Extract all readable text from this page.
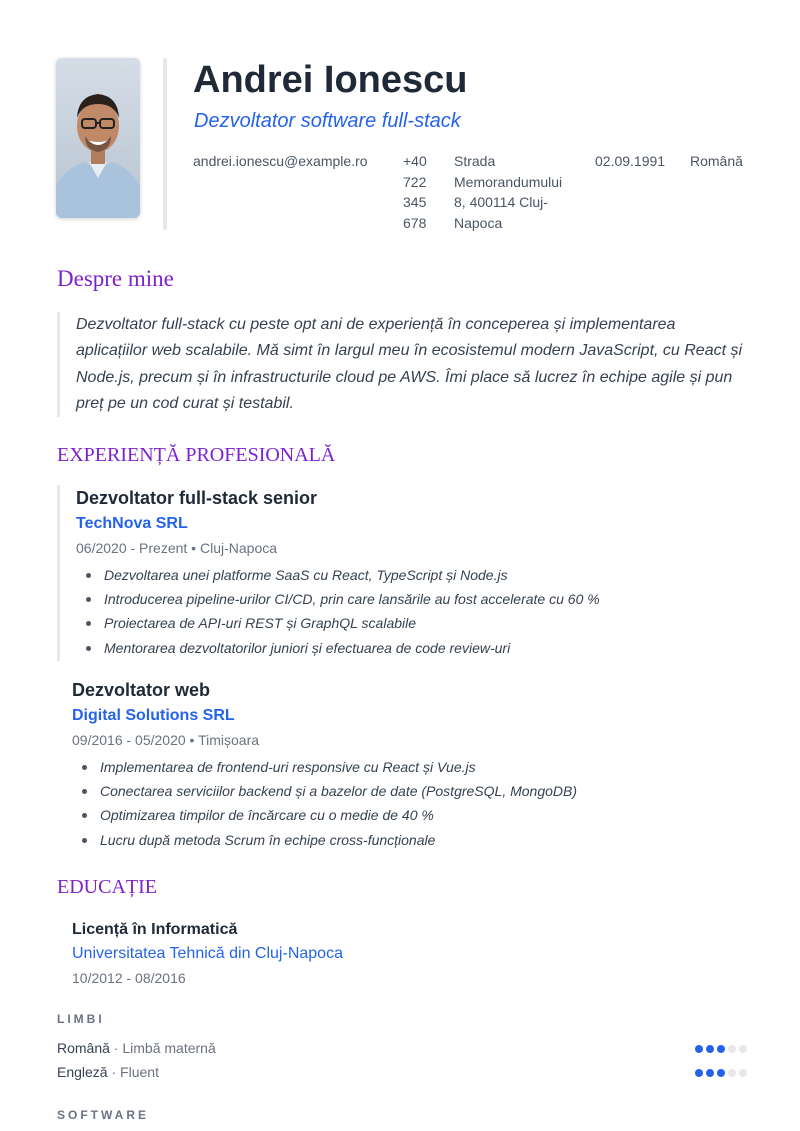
Andrei Ionescu
Dezvoltator software full-stack
andrei.ionescu@example.ro	+40 722 345 678
Strada Memorandumului 8, 400114 Cluj-Napoca
02.09.1991	Română
Despre mine
Dezvoltator full-stack cu peste opt ani de experiență în conceperea și implementarea aplicațiilor web scalabile. Mă simt în largul meu în ecosistemul modern JavaScript, cu React și Node.js, precum și în infrastructurile cloud pe AWS. Îmi place să lucrez în echipe agile și pun preț pe un cod curat și testabil.
EXPERIENȚĂ PROFESIONALĂ
Dezvoltator full-stack senior
TechNova SRL
06/2020 - Prezent • Cluj-Napoca
Dezvoltarea unei platforme SaaS cu React, TypeScript și Node.js
Introducerea pipeline-urilor CI/CD, prin care lansările au fost accelerate cu 60 %
Proiectarea de API-uri REST și GraphQL scalabile
Mentorarea dezvoltatorilor juniori și efectuarea de code review-uri
Dezvoltator web
Digital Solutions SRL
09/2016 - 05/2020 • Timișoara
Implementarea de frontend-uri responsive cu React și Vue.js
Conectarea serviciilor backend și a bazelor de date (PostgreSQL, MongoDB)
Optimizarea timpilor de încărcare cu o medie de 40 %
Lucru după metoda Scrum în echipe cross-funcționale
EDUCAȚIE
Licență în Informatică
Universitatea Tehnică din Cluj-Napoca
10/2012 - 08/2016
LIMBI
Română · Limbă maternă
Engleză · Fluent
SOFTWARE
